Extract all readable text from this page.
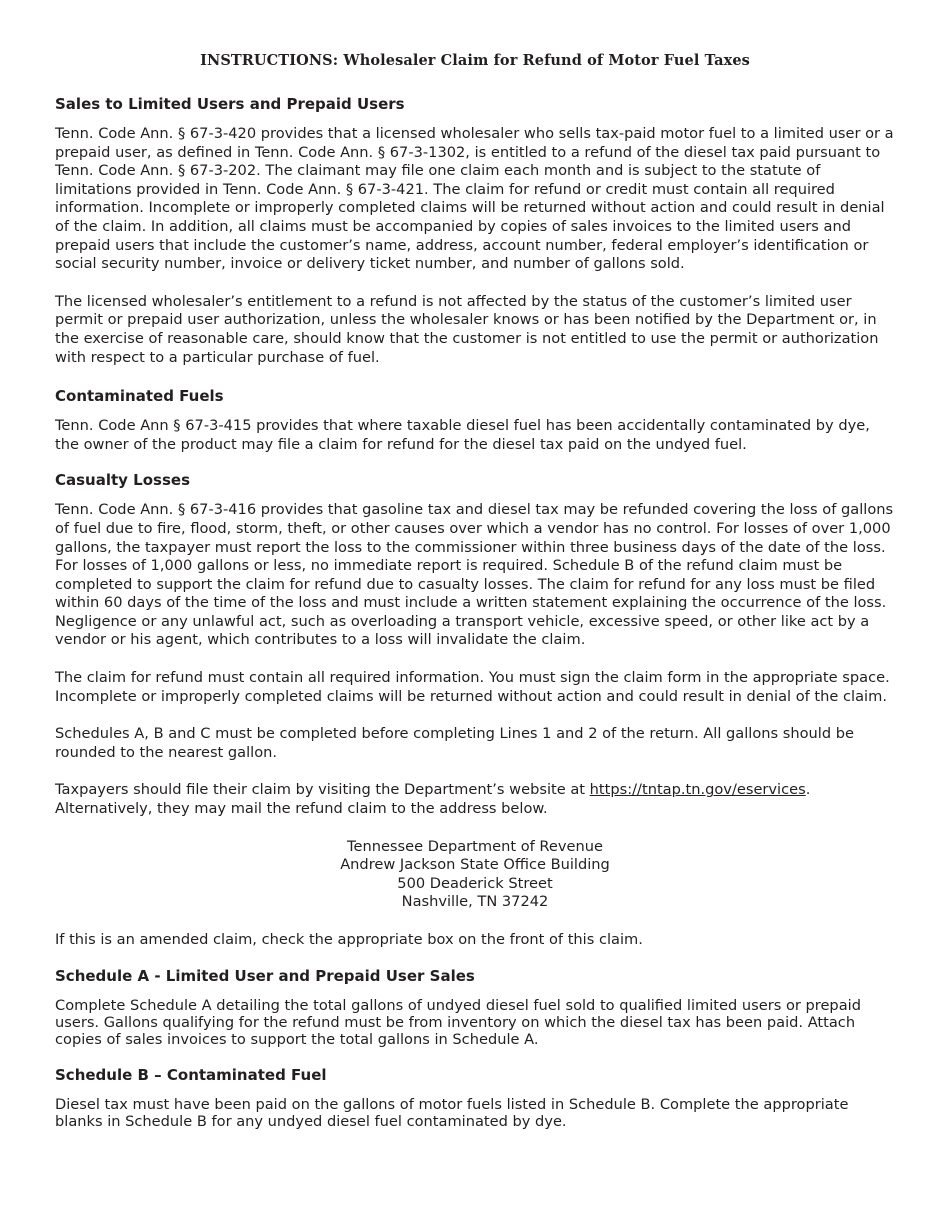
INSTRUCTIONS: Wholesaler Claim for Refund of Motor Fuel Taxes
Sales to Limited Users and Prepaid Users
Tenn. Code Ann. § 67-3-420 provides that a licensed wholesaler who sells tax-paid motor fuel to a limited user or a prepaid user, as defined in Tenn. Code Ann. § 67-3-1302, is entitled to a refund of the diesel tax paid pursuant to Tenn. Code Ann. § 67-3-202. The claimant may file one claim each month and is subject to the statute of limitations provided in Tenn. Code Ann. § 67-3-421. The claim for refund or credit must contain all required information. Incomplete or improperly completed claims will be returned without action and could result in denial of the claim. In addition, all claims must be accompanied by copies of sales invoices to the limited users and prepaid users that include the customer’s name, address, account number, federal employer’s identification or social security number, invoice or delivery ticket number, and number of gallons sold.
The licensed wholesaler’s entitlement to a refund is not affected by the status of the customer’s limited user permit or prepaid user authorization, unless the wholesaler knows or has been notified by the Department or, in the exercise of reasonable care, should know that the customer is not entitled to use the permit or authorization with respect to a particular purchase of fuel.
Contaminated Fuels
Tenn. Code Ann § 67-3-415 provides that where taxable diesel fuel has been accidentally contaminated by dye, the owner of the product may file a claim for refund for the diesel tax paid on the undyed fuel.
Casualty Losses
Tenn. Code Ann. § 67-3-416 provides that gasoline tax and diesel tax may be refunded covering the loss of gallons of fuel due to fire, flood, storm, theft, or other causes over which a vendor has no control. For losses of over 1,000 gallons, the taxpayer must report the loss to the commissioner within three business days of the date of the loss. For losses of 1,000 gallons or less, no immediate report is required. Schedule B of the refund claim must be completed to support the claim for refund due to casualty losses. The claim for refund for any loss must be filed within 60 days of the time of the loss and must include a written statement explaining the occurrence of the loss. Negligence or any unlawful act, such as overloading a transport vehicle, excessive speed, or other like act by a vendor or his agent, which contributes to a loss will invalidate the claim.
The claim for refund must contain all required information. You must sign the claim form in the appropriate space. Incomplete or improperly completed claims will be returned without action and could result in denial of the claim.
Schedules A, B and C must be completed before completing Lines 1 and 2 of the return. All gallons should be rounded to the nearest gallon.
Taxpayers should file their claim by visiting the Department’s website at https://tntap.tn.gov/eservices. Alternatively, they may mail the refund claim to the address below.
Tennessee Department of Revenue
Andrew Jackson State Office Building
500 Deaderick Street
Nashville, TN 37242
If this is an amended claim, check the appropriate box on the front of this claim.
Schedule A - Limited User and Prepaid User Sales
Complete Schedule A detailing the total gallons of undyed diesel fuel sold to qualified limited users or prepaid users. Gallons qualifying for the refund must be from inventory on which the diesel tax has been paid. Attach copies of sales invoices to support the total gallons in Schedule A.
Schedule B – Contaminated Fuel
Diesel tax must have been paid on the gallons of motor fuels listed in Schedule B. Complete the appropriate blanks in Schedule B for any undyed diesel fuel contaminated by dye.
